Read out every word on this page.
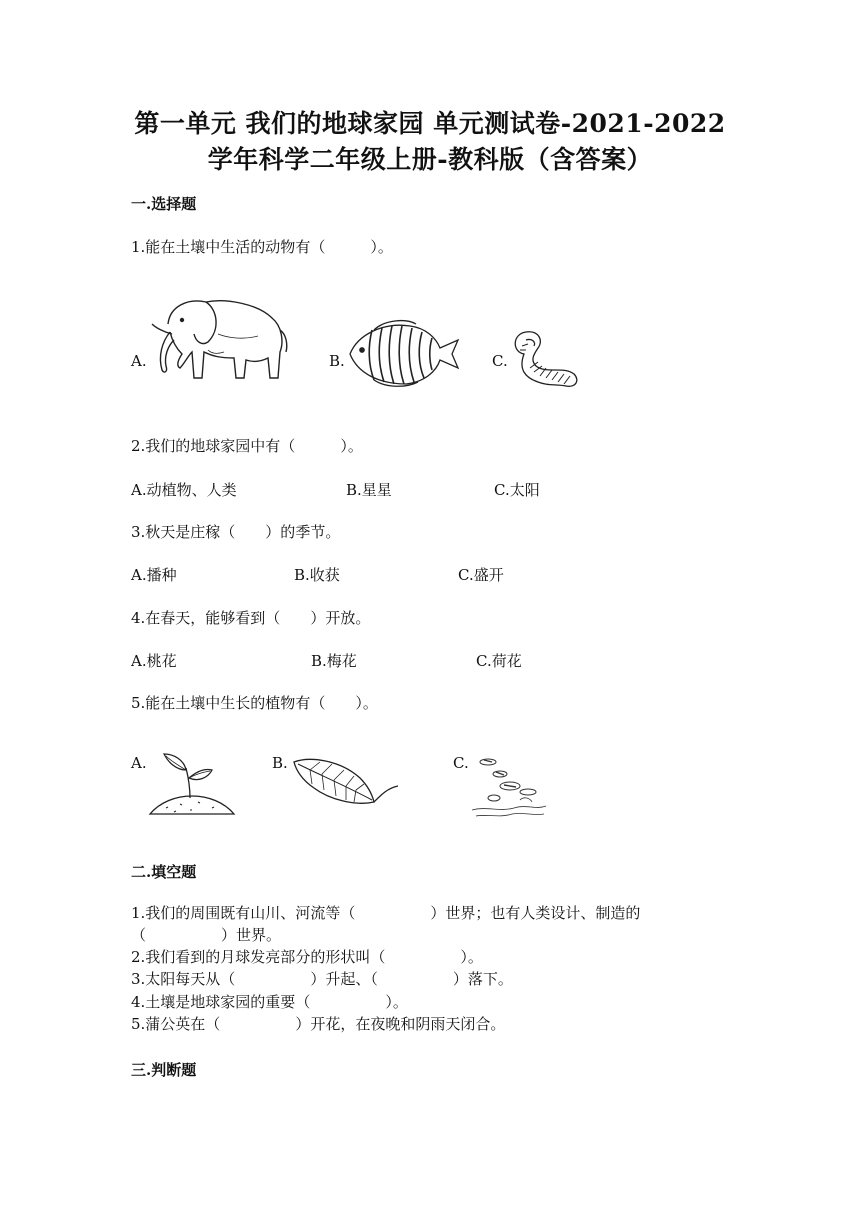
第一单元 我们的地球家园 单元测试卷-2021-2022
学年科学二年级上册-教科版（含答案）
一.选择题
1.能在土壤中生活的动物有（　　　）。
A.	B.	C.
2.我们的地球家园中有（　　　）。
A.动植物、人类	B.星星	C.太阳
3.秋天是庄稼（　　）的季节。
A.播种	B.收获	C.盛开
4.在春天，能够看到（　　）开放。
A.桃花	B.梅花	C.荷花
5.能在土壤中生长的植物有（　　）。
A.	B.	C.
二.填空题
1.我们的周围既有山川、河流等（　　　　　）世界；也有人类设计、制造的
（　　　　　）世界。
2.我们看到的月球发亮部分的形状叫（　　　　　）。
3.太阳每天从（　　　　　）升起、（　　　　　）落下。
4.土壤是地球家园的重要（　　　　　）。
5.蒲公英在（　　　　　）开花，在夜晚和阴雨天闭合。
三.判断题
